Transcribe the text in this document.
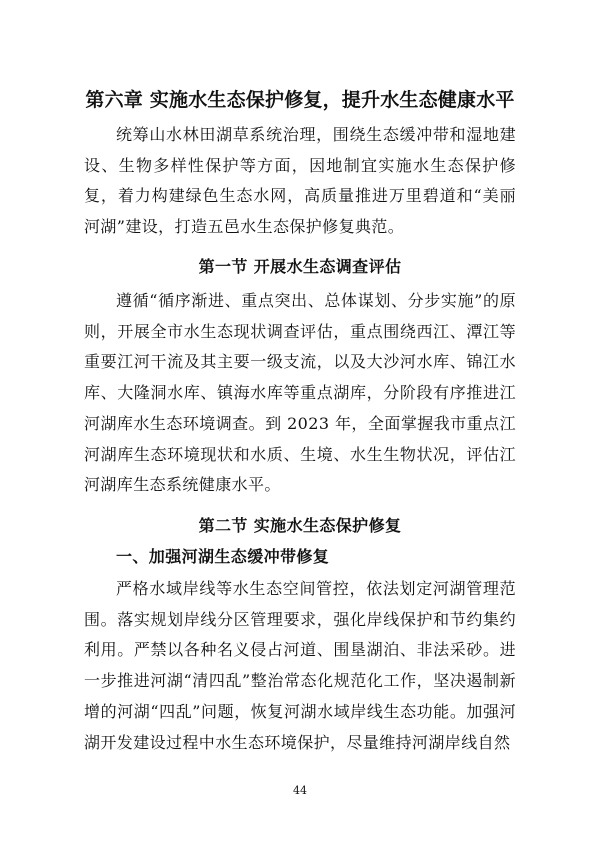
第六章 实施水生态保护修复，提升水生态健康水平

统筹山水林田湖草系统治理，围绕生态缓冲带和湿地建设、生物多样性保护等方面，因地制宜实施水生态保护修复，着力构建绿色生态水网，高质量推进万里碧道和“美丽河湖”建设，打造五邑水生态保护修复典范。

第一节 开展水生态调查评估

遵循“循序渐进、重点突出、总体谋划、分步实施”的原则，开展全市水生态现状调查评估，重点围绕西江、潭江等重要江河干流及其主要一级支流，以及大沙河水库、锦江水库、大隆洞水库、镇海水库等重点湖库，分阶段有序推进江河湖库水生态环境调查。到 2023 年，全面掌握我市重点江河湖库生态环境现状和水质、生境、水生生物状况，评估江河湖库生态系统健康水平。

第二节 实施水生态保护修复
一、加强河湖生态缓冲带修复

严格水域岸线等水生态空间管控，依法划定河湖管理范围。落实规划岸线分区管理要求，强化岸线保护和节约集约利用。严禁以各种名义侵占河道、围垦湖泊、非法采砂。进一步推进河湖“清四乱”整治常态化规范化工作，坚决遏制新增的河湖“四乱”问题，恢复河湖水域岸线生态功能。加强河湖开发建设过程中水生态环境保护，尽量维持河湖岸线自然

44
